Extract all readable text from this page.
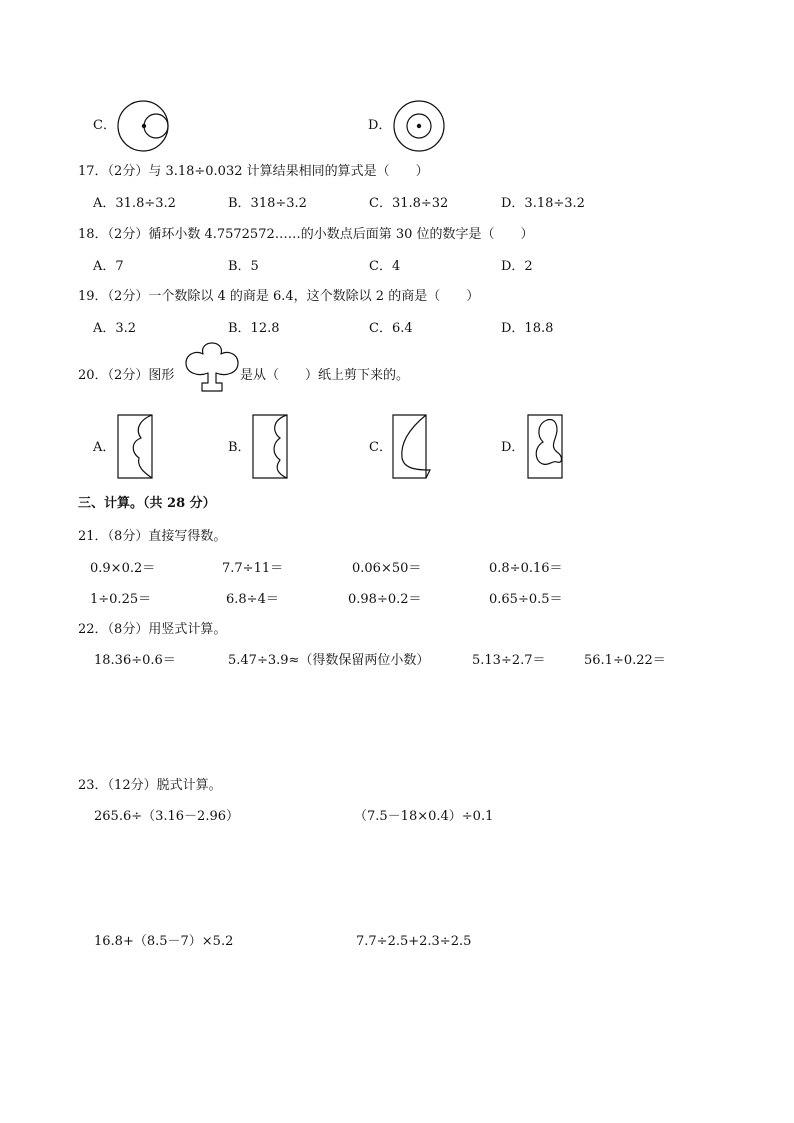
C．	D．
17．（2分）与 3.18÷0.032 计算结果相同的算式是（　　）
A．31.8÷3.2	B．318÷3.2	C．31.8÷32	D．3.18÷3.2
18．（2分）循环小数 4.7572572……的小数点后面第 30 位的数字是（　　）
A．7	B．5	C．4	D．2
19．（2分）一个数除以 4 的商是 6.4，这个数除以 2 的商是（　　）
A．3.2	B．12.8	C．6.4	D．18.8
20．（2分）图形	是从（　　）纸上剪下来的。
A．	B．	C．	D．
三、计算。（共 28 分）
21．（8分）直接写得数。
0.9×0.2＝	7.7÷11＝	0.06×50＝	0.8÷0.16＝
1÷0.25＝	6.8÷4＝	0.98÷0.2＝	0.65÷0.5＝
22．（8分）用竖式计算。
18.36÷0.6＝	5.47÷3.9≈（得数保留两位小数）	5.13÷2.7＝	56.1÷0.22＝
23．（12分）脱式计算。
265.6÷（3.16－2.96）	（7.5－18×0.4）÷0.1
16.8+（8.5－7）×5.2	7.7÷2.5+2.3÷2.5
